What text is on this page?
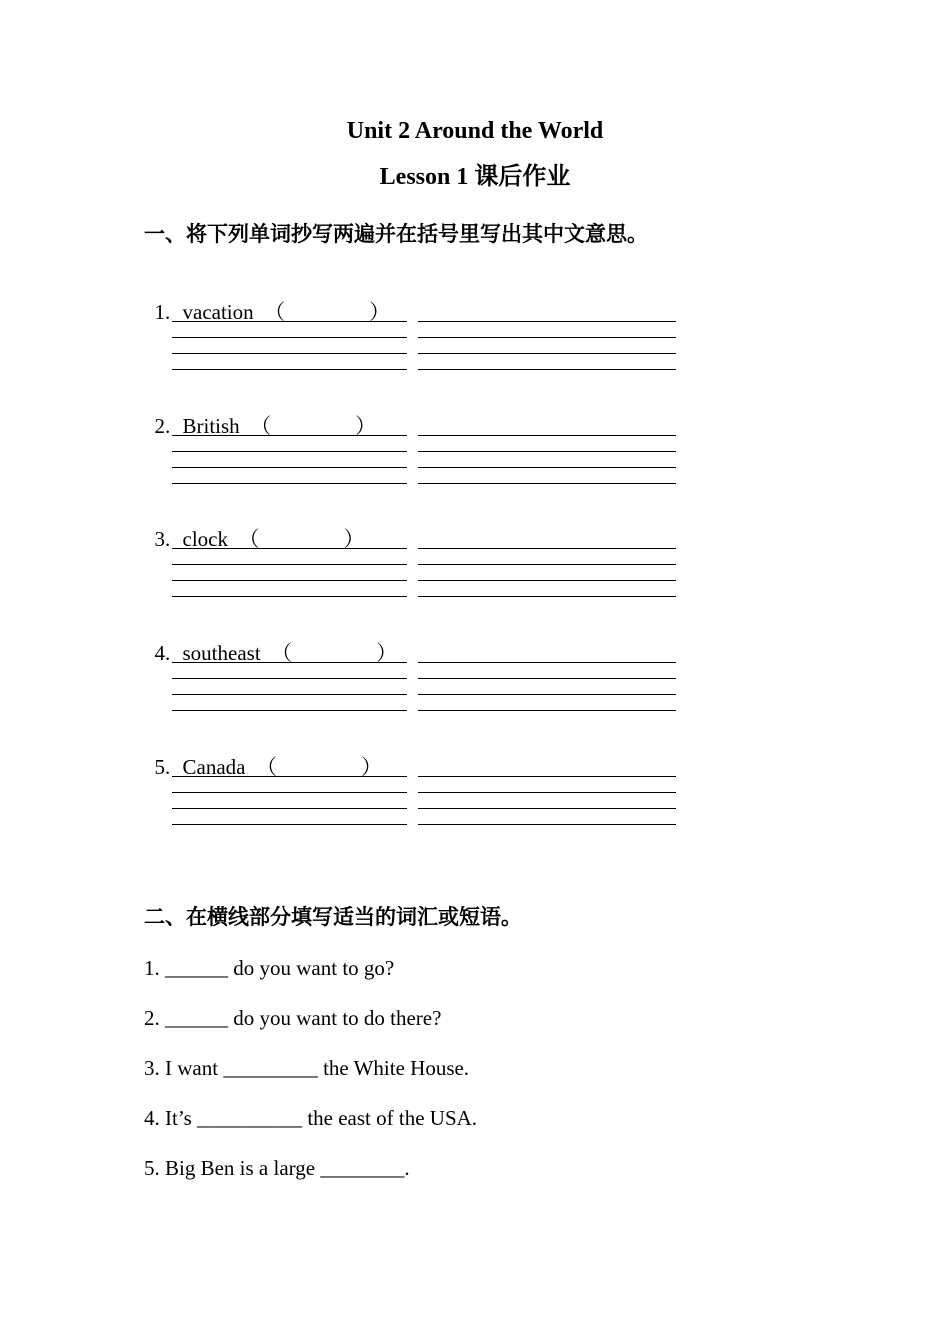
Unit 2 Around the World
Lesson 1 课后作业
一、将下列单词抄写两遍并在括号里写出其中文意思。

1. vacation （　　　　）

2. British （　　　　）

3. clock （　　　　）

4. southeast （　　　　）

5. Canada （　　　　）

二、在横线部分填写适当的词汇或短语。
1. ______ do you want to go?
2. ______ do you want to do there?
3. I want _________ the White House.
4. It’s __________ the east of the USA.
5. Big Ben is a large ________.
